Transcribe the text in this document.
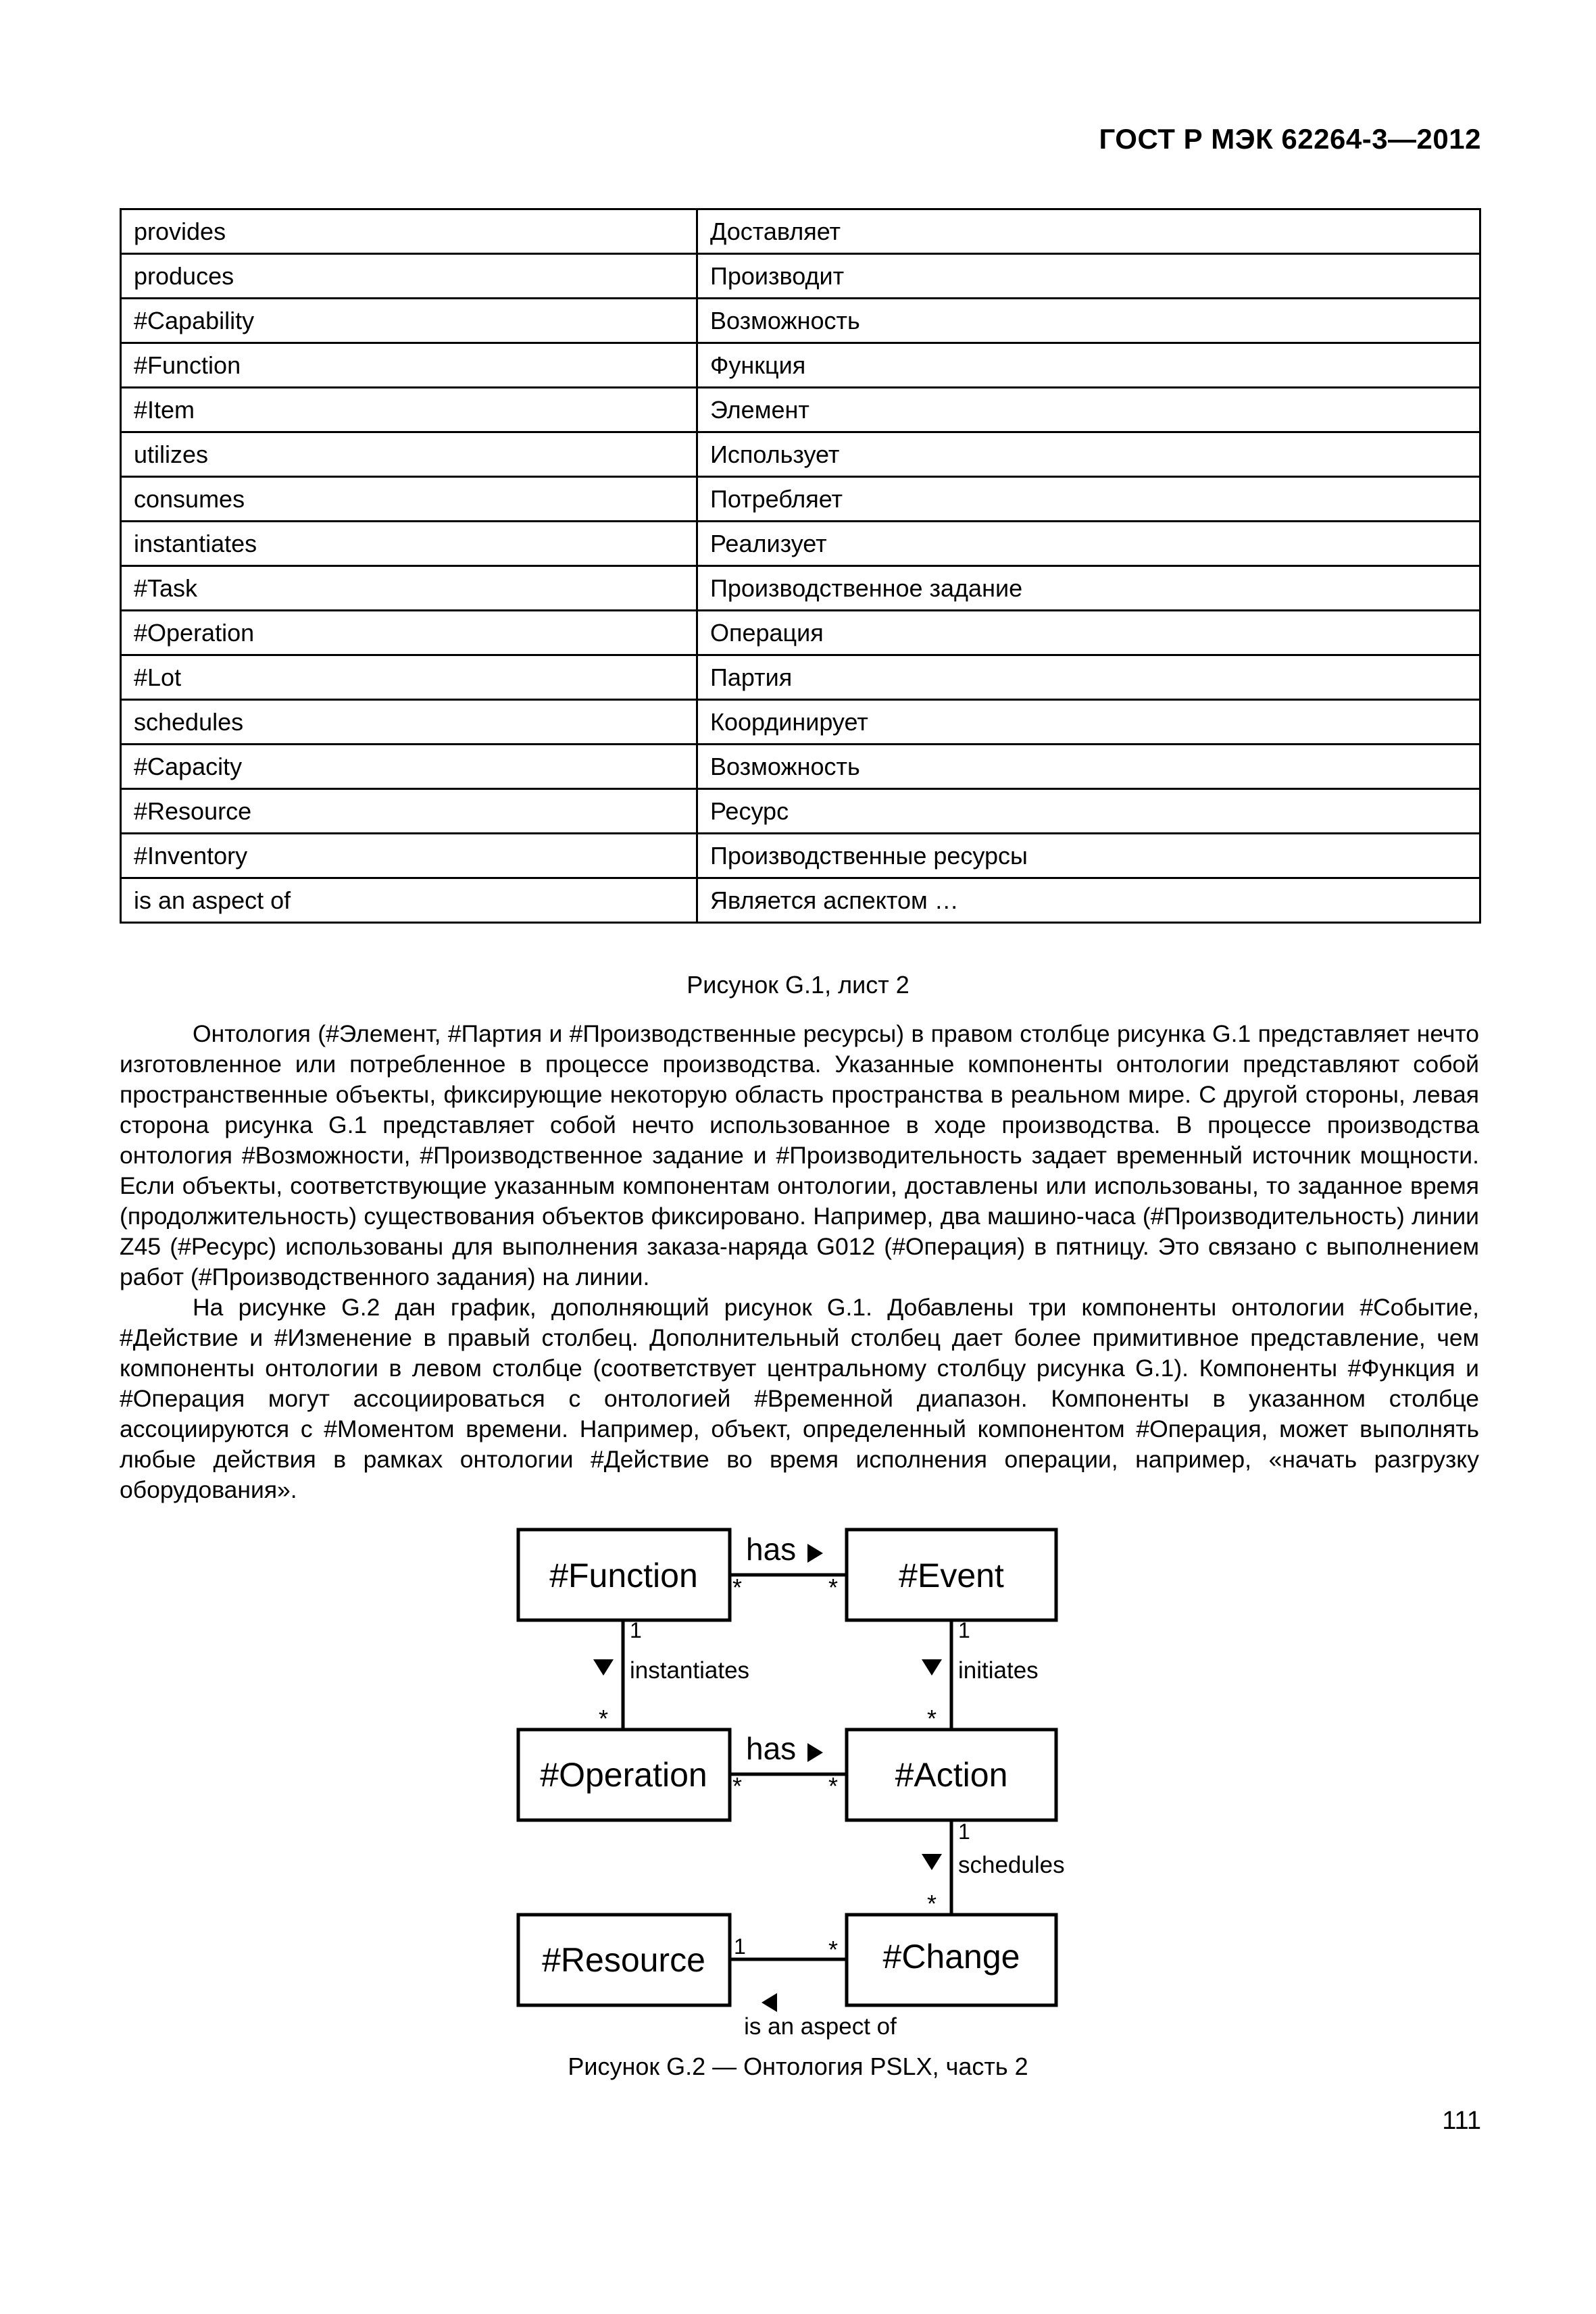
ГОСТ Р МЭК 62264-3—2012
provides	Доставляет
produces	Производит
#Capability	Возможность
#Function	Функция
#Item	Элемент
utilizes	Использует
consumes	Потребляет
instantiates	Реализует
#Task	Производственное задание
#Operation	Операция
#Lot	Партия
schedules	Координирует
#Capacity	Возможность
#Resource	Ресурс
#Inventory	Производственные ресурсы
is an aspect of	Является аспектом …
Рисунок G.1, лист 2

Онтология (#Элемент, #Партия и #Производственные ресурсы) в правом столбце рисунка G.1 представляет нечто изготовленное или потребленное в процессе производства. Указанные компоненты онтологии представляют собой пространственные объекты, фиксирующие некоторую область пространства в реальном мире. С другой стороны, левая сторона рисунка G.1 представляет собой нечто использованное в ходе производства. В процессе производства онтология #Возможности, #Производственное задание и #Производительность задает временный источник мощности. Если объекты, соответствующие указанным компонентам онтологии, доставлены или использованы, то заданное время (продолжительность) существования объектов фиксировано. Например, два машино-часа (#Производительность) линии Z45 (#Ресурс) использованы для выполнения заказа-наряда G012 (#Операция) в пятницу. Это связано с выполнением работ (#Производственного задания) на линии.

На рисунке G.2 дан график, дополняющий рисунок G.1. Добавлены три компоненты онтологии #Событие, #Действие и #Изменение в правый столбец. Дополнительный столбец дает более примитивное представление, чем компоненты онтологии в левом столбце (соответствует центральному столбцу рисунка G.1). Компоненты #Функция и #Операция могут ассоциироваться с онтологией #Временной диапазон. Компоненты в указанном столбце ассоциируются с #Моментом времени. Например, объект, определенный компонентом #Операция, может выполнять любые действия в рамках онтологии #Действие во время исполнения операции, например, «начать разгрузку оборудования».

#Function	#Event
#Operation	#Action
#Resource	#Change
has
has
instantiates	initiates
schedules
is an aspect of
*	*
*	*
1
*
1
*
1
*
1	*
Рисунок G.2 — Онтология PSLX, часть 2
111
